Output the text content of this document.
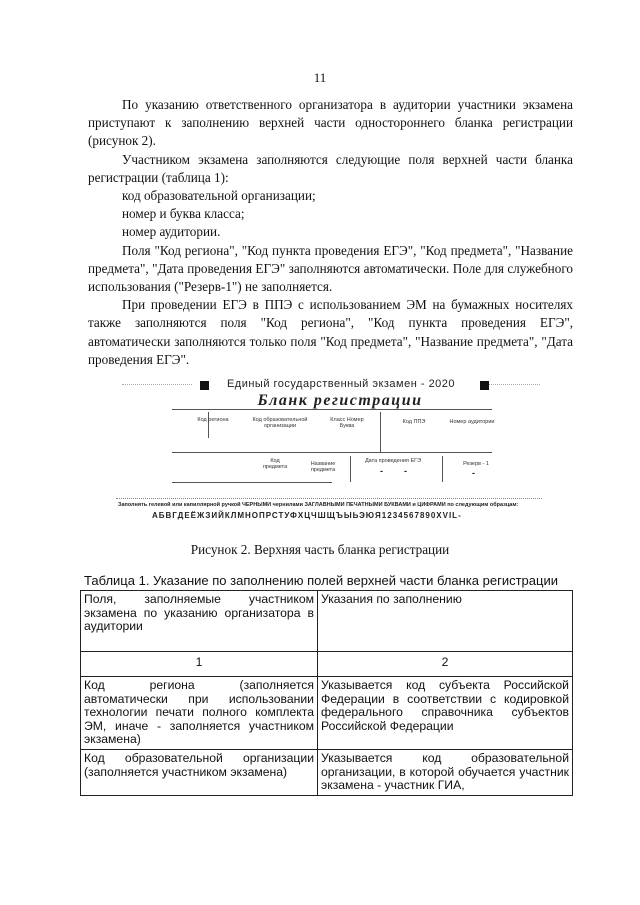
11

По указанию ответственного организатора в аудитории участники экзамена приступают к заполнению верхней части одностороннего бланка регистрации (рисунок 2).

Участником экзамена заполняются следующие поля верхней части бланка регистрации (таблица 1):

код образовательной организации;

номер и буква класса;

номер аудитории.

Поля "Код региона", "Код пункта проведения ЕГЭ", "Код предмета", "Название предмета", "Дата проведения ЕГЭ" заполняются автоматически. Поле для служебного использования ("Резерв-1") не заполняется.

При проведении ЕГЭ в ППЭ с использованием ЭМ на бумажных носителях также заполняются поля "Код региона", "Код пункта проведения ЕГЭ", автоматически заполняются только поля "Код предмета", "Название предмета", "Дата проведения ЕГЭ".

Единый государственный экзамен - 2020
Бланк регистрации
Код региона	Код образовательной организации
Класс Номер Буква
Код ППЭ	Номер аудитории
Код предмета	Название предмета
Дата проведения ЕГЭ	Резерв - 1
- -	-
Заполнять гелевой или капиллярной ручкой ЧЕРНЫМИ чернилами ЗАГЛАВНЫМИ ПЕЧАТНЫМИ БУКВАМИ и ЦИФРАМИ по следующим образцам:
АБВГДЕЁЖЗИЙКЛМНОПРСТУФХЦЧШЩЪЫЬЭЮЯ1234567890XVIL-
Рисунок 2. Верхняя часть бланка регистрации
Таблица 1. Указание по заполнению полей верхней части бланка регистрации
Поля, заполняемые участником экзамена по указанию организатора в аудитории	Указания по заполнению
1	2
Код региона (заполняется автоматически при использовании технологии печати полного комплекта ЭМ, иначе - заполняется участником экзамена)	Указывается код субъекта Российской Федерации в соответствии с кодировкой федерального справочника субъектов Российской Федерации
Код образовательной организации (заполняется участником экзамена)	Указывается код образовательной организации, в которой обучается участник экзамена - участник ГИА,
